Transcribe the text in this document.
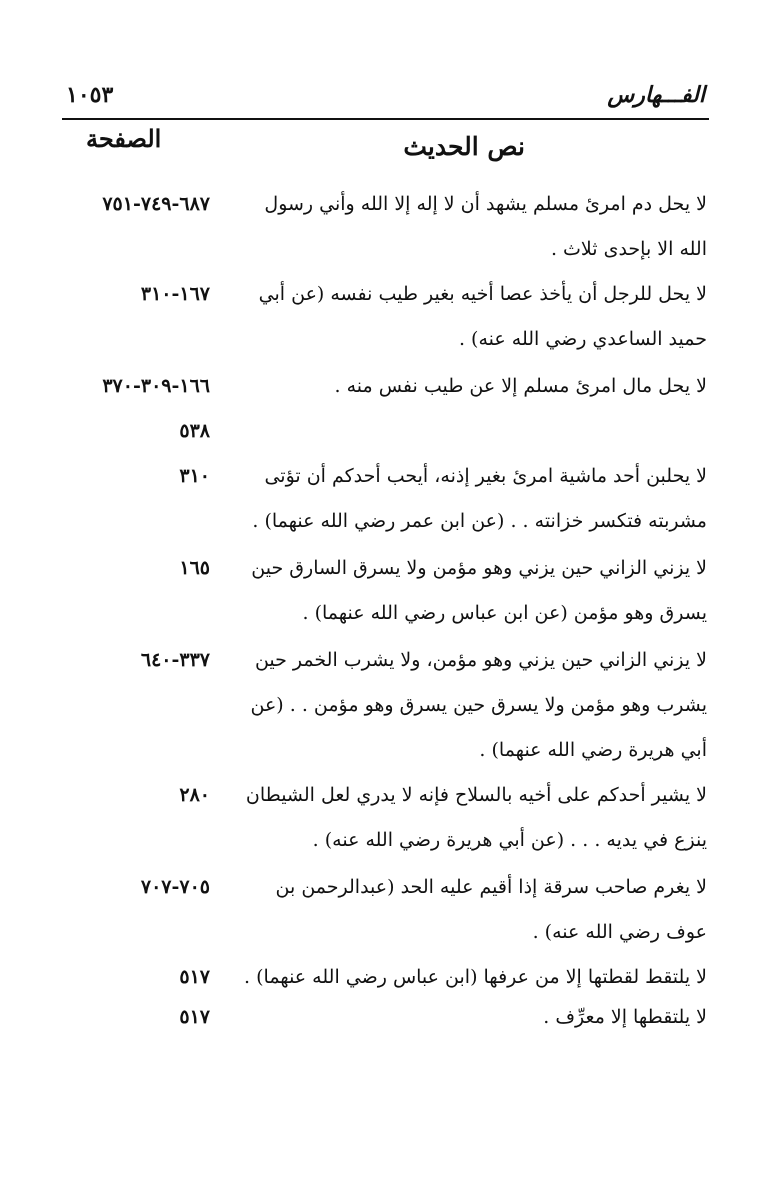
١٠٥٣	الفـــهارس
نص الحديث
الصفحة
لا يحل دم امرئ مسلم يشهد أن لا إله إلا الله وأني رسول الله الا بإحدى ثلاث .
٦٨٧-٧٤٩-٧٥١
لا يحل للرجل أن يأخذ عصا أخيه بغير طيب نفسه (عن أبي حميد الساعدي رضي الله عنه) .
١٦٧-٣١٠
لا يحل مال امرئ مسلم إلا عن طيب نفس منه .
١٦٦-٣٠٩-٣٧٠
٥٣٨
لا يحلبن أحد ماشية امرئ بغير إذنه، أيحب أحدكم أن تؤتى مشربته فتكسر خزانته . . (عن ابن عمر رضي الله عنهما) .
٣١٠
لا يزني الزاني حين يزني وهو مؤمن ولا يسرق السارق حين يسرق وهو مؤمن (عن ابن عباس رضي الله عنهما) .
١٦٥
لا يزني الزاني حين يزني وهو مؤمن، ولا يشرب الخمر حين يشرب وهو مؤمن ولا يسرق حين يسرق وهو مؤمن . . (عن أبي هريرة رضي الله عنهما) .
٣٣٧-٦٤٠
لا يشير أحدكم على أخيه بالسلاح فإنه لا يدري لعل الشيطان ينزع في يديه . . . (عن أبي هريرة رضي الله عنه) .
٢٨٠
لا يغرم صاحب سرقة إذا أقيم عليه الحد (عبدالرحمن بن عوف رضي الله عنه) .
٧٠٥-٧٠٧
لا يلتقط لقطتها إلا من عرفها (ابن عباس رضي الله عنهما) .
٥١٧
لا يلتقطها إلا معرِّف .
٥١٧
